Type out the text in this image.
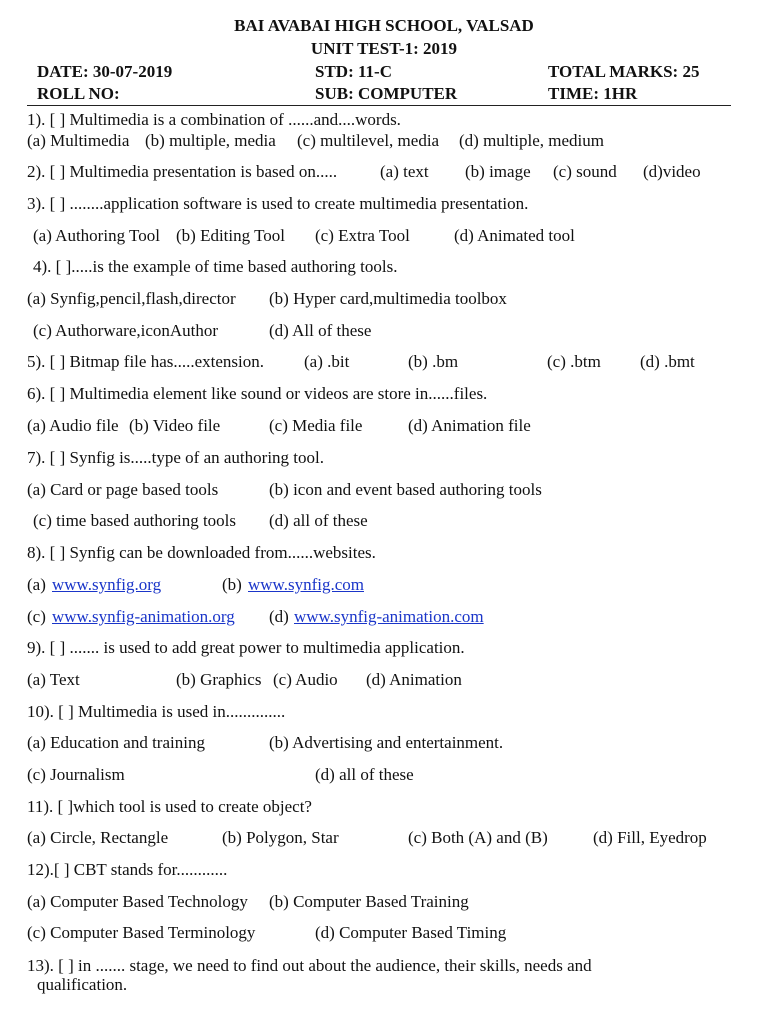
BAI AVABAI HIGH SCHOOL, VALSAD
UNIT TEST-1: 2019
DATE: 30-07-2019	STD: 11-C	TOTAL MARKS: 25
ROLL NO:	SUB: COMPUTER	TIME: 1HR
1). [ ] Multimedia is a combination of ......and....words.
(a) Multimedia (b) multiple, media (c) multilevel, media (d) multiple, medium
2). [ ] Multimedia presentation is based on.....	(a) text (b) image (c) sound (d)video
3). [ ] ........application software is used to create multimedia presentation.
(a) Authoring Tool (b) Editing Tool (c) Extra Tool	(d) Animated tool
4). [ ].....is the example of time based authoring tools.
(a) Synfig,pencil,flash,director (b) Hyper card,multimedia toolbox
(c) Authorware,iconAuthor	(d) All of these
5). [ ] Bitmap file has.....extension. (a) .bit	(b) .bm	(c) .btm (d) .bmt
6). [ ] Multimedia element like sound or videos are store in......files.
(a) Audio file (b) Video file	(c) Media file	(d) Animation file
7). [ ] Synfig is.....type of an authoring tool.
(a) Card or page based tools	(b) icon and event based authoring tools
(c) time based authoring tools (d) all of these
8). [ ] Synfig can be downloaded from......websites.
(a) www.synfig.org	(b) www.synfig.com
(c) www.synfig-animation.org (d) www.synfig-animation.com
9). [ ] ....... is used to add great power to multimedia application.
(a) Text	(b) Graphics (c) Audio (d) Animation
10). [ ] Multimedia is used in..............
(a) Education and training	(b) Advertising and entertainment.
(c) Journalism	(d) all of these
11). [ ]which tool is used to create object?
(a) Circle, Rectangle	(b) Polygon, Star	(c) Both (A) and (B)	(d) Fill, Eyedrop
12).[ ] CBT stands for............
(a) Computer Based Technology (b) Computer Based Training
(c) Computer Based Terminology	(d) Computer Based Timing
13). [ ] in ....... stage, we need to find out about the audience, their skills, needs and
qualification.
